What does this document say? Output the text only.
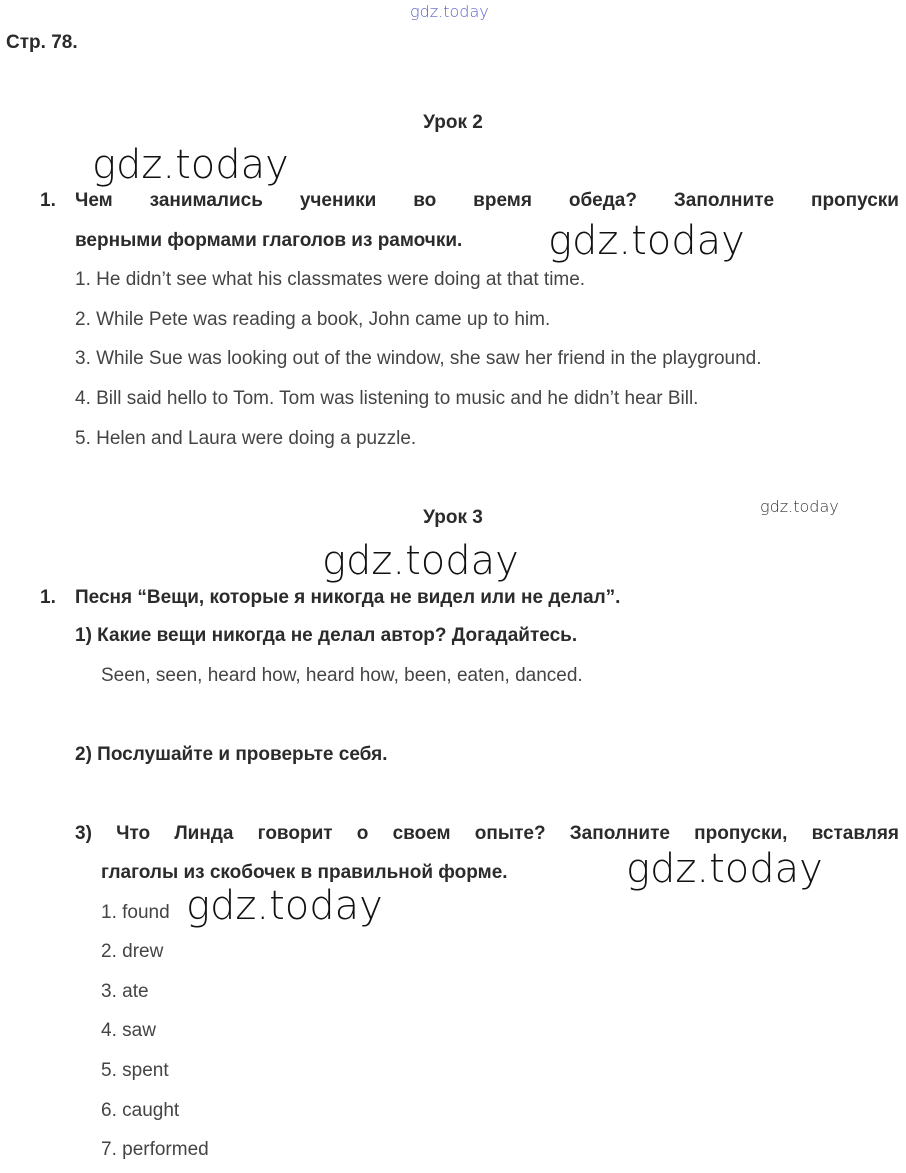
gdz.today
gdz.today
gdz.today
gdz.today
gdz.today
gdz.today
gdz.today
Стр. 78.
Урок 2
1. Чем занимались ученики во время обеда? Заполните пропуски
верными формами глаголов из рамочки.
1. He didn’t see what his classmates were doing at that time.
2. While Pete was reading a book, John came up to him.
3. While Sue was looking out of the window, she saw her friend in the playground.
4. Bill said hello to Tom. Tom was listening to music and he didn’t hear Bill.
5. Helen and Laura were doing a puzzle.
Урок 3
1. Песня “Вещи, которые я никогда не видел или не делал”.
1) Какие вещи никогда не делал автор? Догадайтесь.
Seen, seen, heard how, heard how, been, eaten, danced.
2) Послушайте и проверьте себя.
3) Что Линда говорит о своем опыте? Заполните пропуски, вставляя
глаголы из скобочек в правильной форме.
1. found
2. drew
3. ate
4. saw
5. spent
6. caught
7. performed
